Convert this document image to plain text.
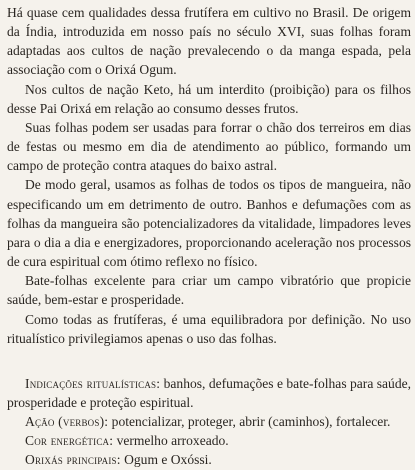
Há quase cem qualidades dessa frutífera em cultivo no Brasil. De origem da Índia, introduzida em nosso país no século XVI, suas folhas foram adaptadas aos cultos de nação prevalecendo o da manga espada, pela associação com o Orixá Ogum.

Nos cultos de nação Keto, há um interdito (proibição) para os filhos desse Pai Orixá em relação ao consumo desses frutos.

Suas folhas podem ser usadas para forrar o chão dos terreiros em dias de festas ou mesmo em dia de atendimento ao público, formando um campo de proteção contra ataques do baixo astral.

De modo geral, usamos as folhas de todos os tipos de mangueira, não especificando um em detrimento de outro. Banhos e defumações com as folhas da mangueira são potencializadores da vitalidade, limpadores leves para o dia a dia e energizadores, proporcionando aceleração nos processos de cura espiritual com ótimo reflexo no físico.

Bate-folhas excelente para criar um campo vibratório que propicie saúde, bem-estar e prosperidade.

Como todas as frutíferas, é uma equilibradora por definição. No uso ritualístico privilegiamos apenas o uso das folhas.

Indicações ritualísticas: banhos, defumações e bate-folhas para saúde, prosperidade e proteção espiritual.

Ação (verbos): potencializar, proteger, abrir (caminhos), fortalecer.

Cor energética: vermelho arroxeado.

Orixás principais: Ogum e Oxóssi.
